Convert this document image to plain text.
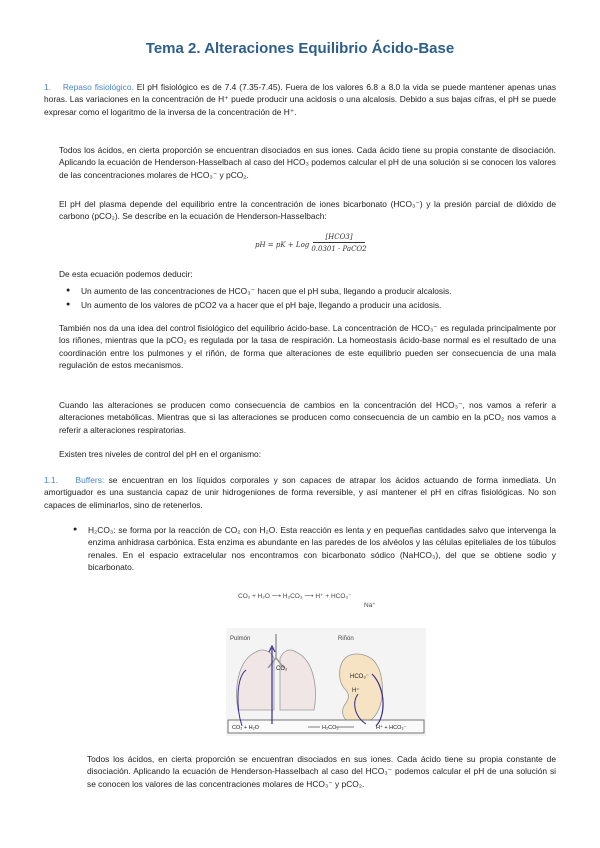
Tema 2. Alteraciones Equilibrio Ácido-Base
1. Repaso fisiológico. El pH fisiológico es de 7.4 (7.35-7.45). Fuera de los valores 6.8 a 8.0 la vida se puede mantener apenas unas horas. Las variaciones en la concentración de H⁺ puede producir una acidosis o una alcalosis. Debido a sus bajas cifras, el pH se puede expresar como el logaritmo de la inversa de la concentración de H⁺.
Todos los ácidos, en cierta proporción se encuentran disociados en sus iones. Cada ácido tiene su propia constante de disociación. Aplicando la ecuación de Henderson-Hasselbach al caso del HCO₃ podemos calcular el pH de una solución si se conocen los valores de las concentraciones molares de HCO₃⁻ y pCO₂.
El pH del plasma depende del equilibrio entre la concentración de iones bicarbonato (HCO₃⁻) y la presión parcial de dióxido de carbono (pCO₂). Se describe en la ecuación de Henderson-Hasselbach:
pH = pK + Log
[HCO3]
0.0301 · PaCO2
De esta ecuación podemos deducir:
● Un aumento de las concentraciones de HCO₃⁻ hacen que el pH suba, llegando a producir alcalosis.
● Un aumento de los valores de pCO2 va a hacer que el pH baje, llegando a producir una acidosis.
También nos da una idea del control fisiológico del equilibrio ácido-base. La concentración de HCO₃⁻ es regulada principalmente por los riñones, mientras que la pCO₂ es regulada por la tasa de respiración. La homeostasis ácido-base normal es el resultado de una coordinación entre los pulmones y el riñón, de forma que alteraciones de este equilibrio pueden ser consecuencia de una mala regulación de estos mecanismos.
Cuando las alteraciones se producen como consecuencia de cambios en la concentración del HCO₃⁻, nos vamos a referir a alteraciones metabólicas. Mientras que si las alteraciones se producen como consecuencia de un cambio en la pCO₂ nos vamos a referir a alteraciones respiratorias.
Existen tres niveles de control del pH en el organismo:
1.1. Buffers: se encuentran en los líquidos corporales y son capaces de atrapar los ácidos actuando de forma inmediata. Un amortiguador es una sustancia capaz de unir hidrogeniones de forma reversible, y así mantener el pH en cifras fisiológicas. No son capaces de eliminarlos, sino de retenerlos.
● H₂CO₃: se forma por la reacción de CO₂ con H₂O. Esta reacción es lenta y en pequeñas cantidades salvo que intervenga la enzima anhidrasa carbónica. Esta enzima es abundante en las paredes de los alvéolos y las células epiteliales de los túbulos renales. En el espacio extracelular nos encontramos con bicarbonato sódico (NaHCO₃), del que se obtiene sodio y bicarbonato.
CO₂ + H₂O ⟶ H₂CO₃ ⟶ H⁺ + HCO₃⁻
Na⁺
Pulmón	Riñón
CO₂
HCO₃⁻
H⁺
CO₂ + H₂O	H₂CO₃	H⁺ + HCO₃⁻
Todos los ácidos, en cierta proporción se encuentran disociados en sus iones. Cada ácido tiene su propia constante de disociación. Aplicando la ecuación de Henderson-Hasselbach al caso del HCO₃⁻ podemos calcular el pH de una solución si se conocen los valores de las concentraciones molares de HCO₃⁻ y pCO₂.
